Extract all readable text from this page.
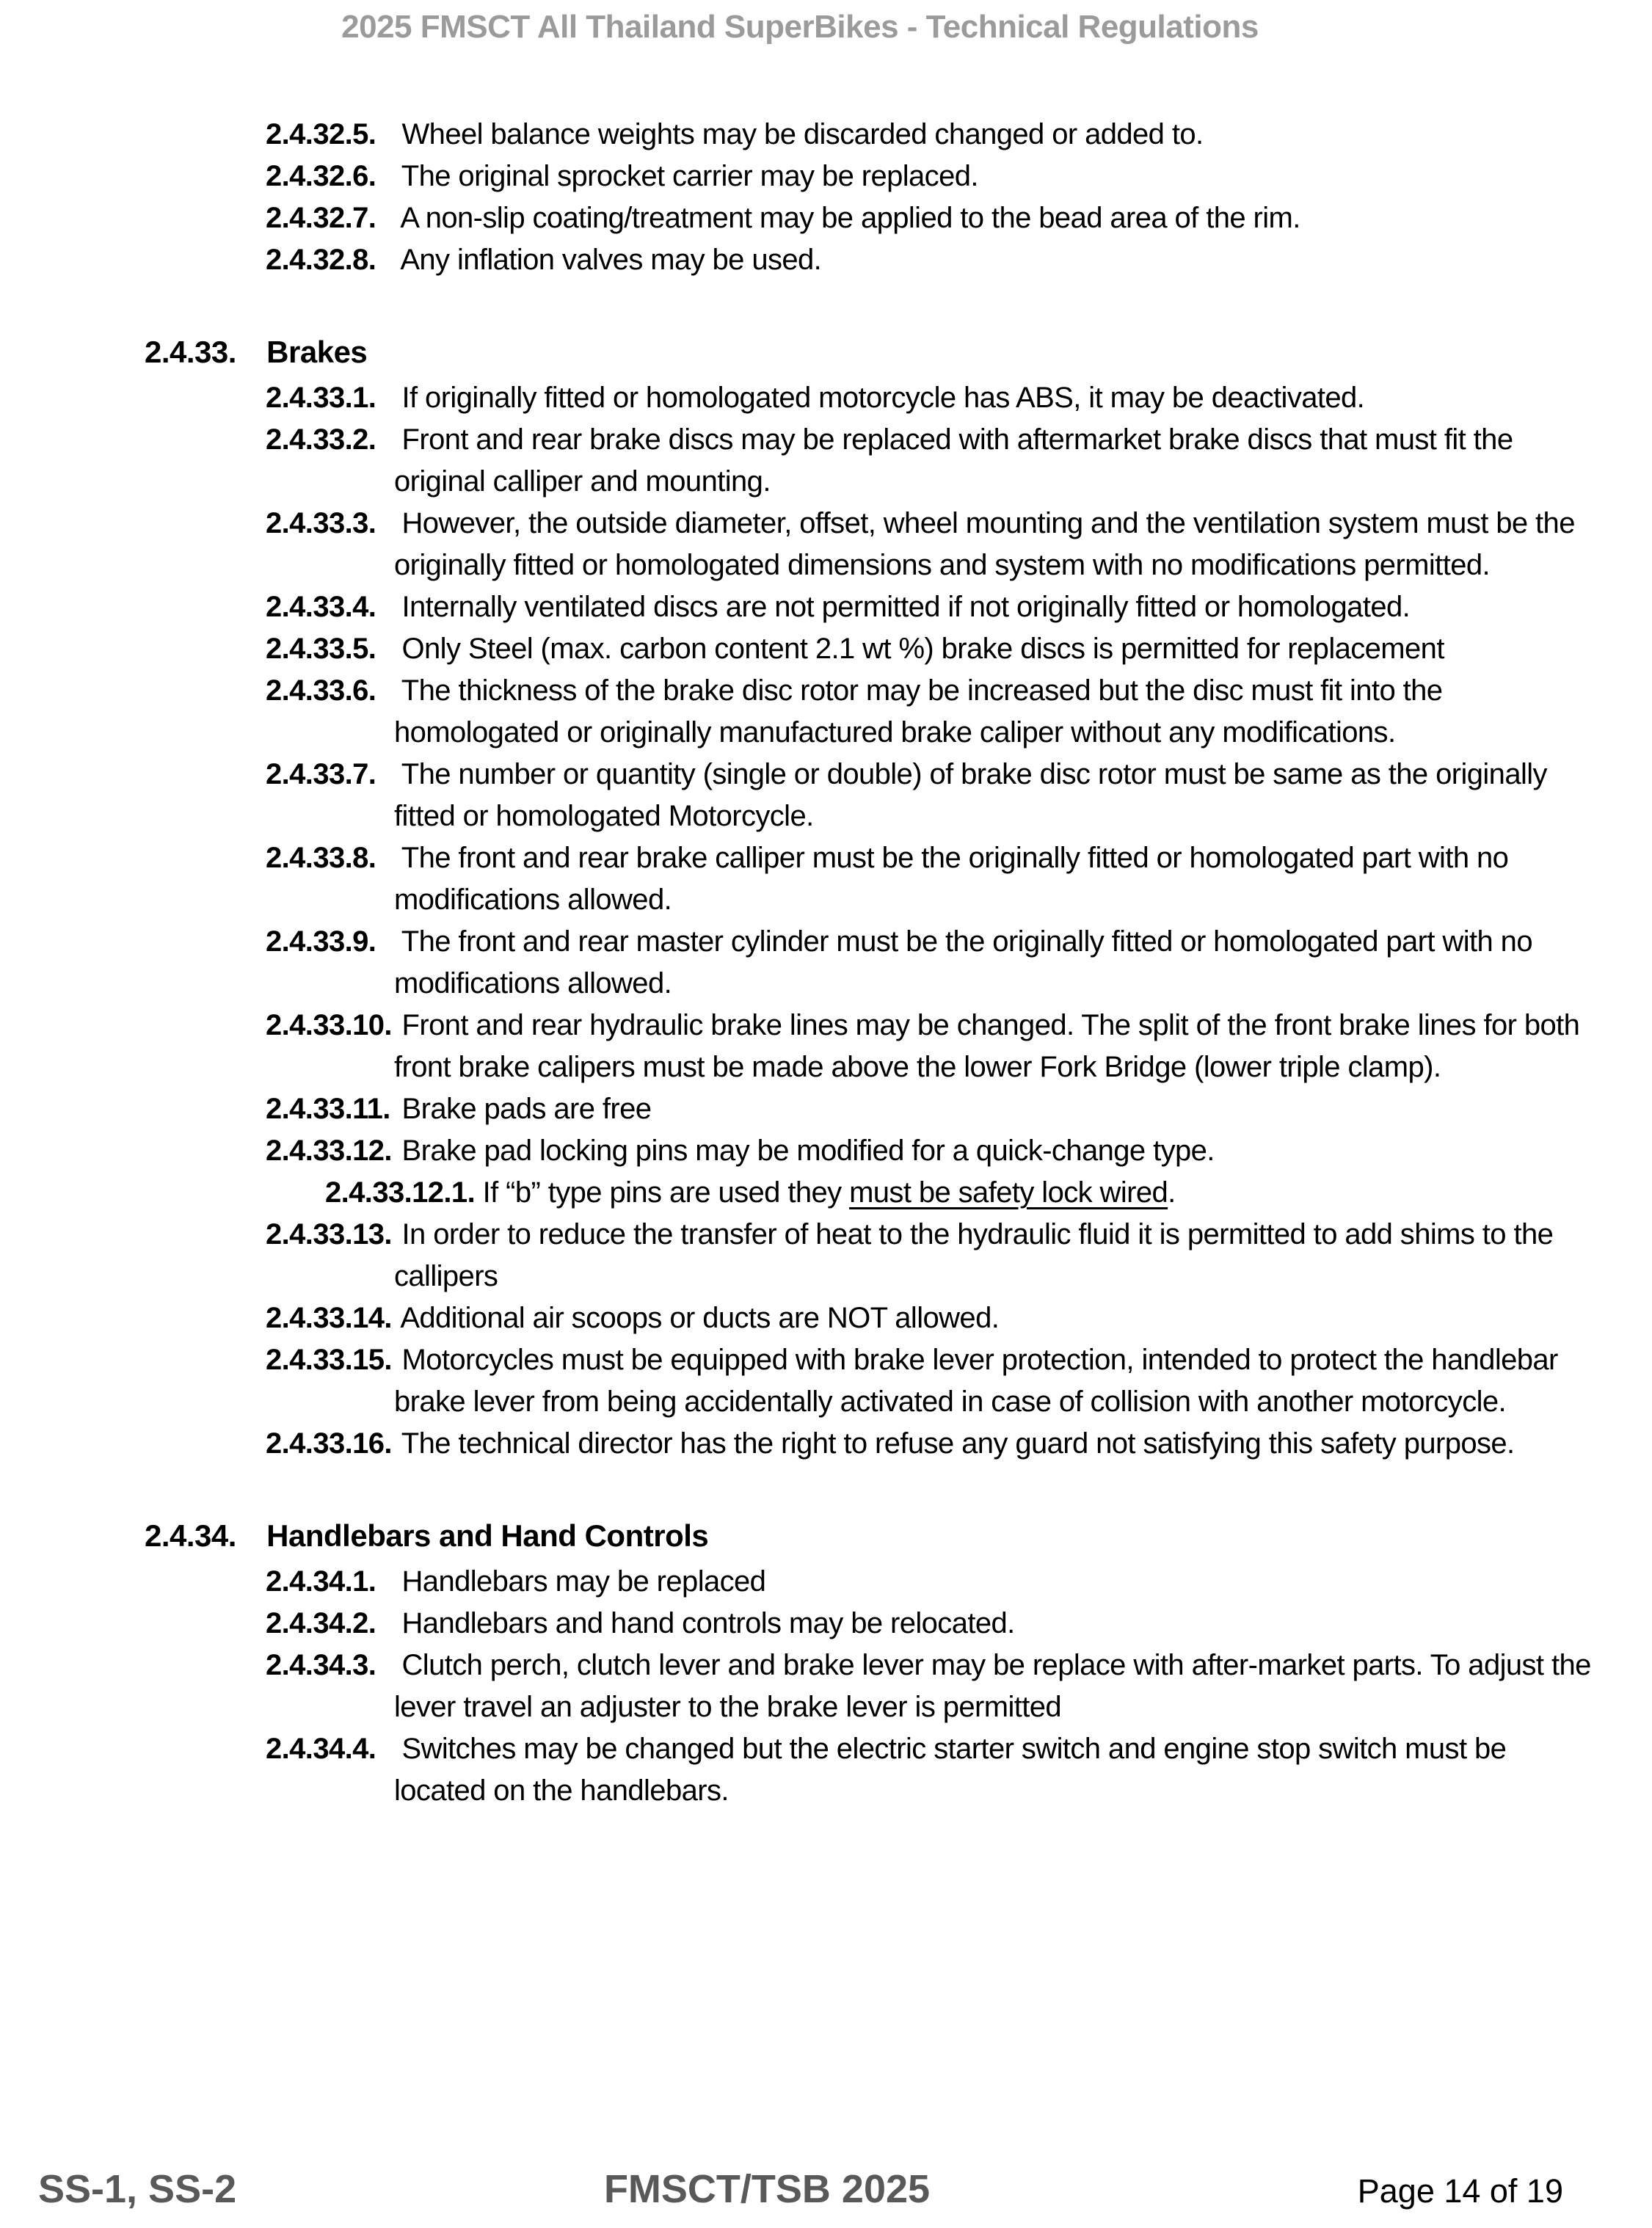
2025 FMSCT All Thailand SuperBikes - Technical Regulations
2.4.32.5. Wheel balance weights may be discarded changed or added to.
2.4.32.6. The original sprocket carrier may be replaced.
2.4.32.7. A non-slip coating/treatment may be applied to the bead area of the rim.
2.4.32.8. Any inflation valves may be used.
2.4.33. Brakes
2.4.33.1. If originally fitted or homologated motorcycle has ABS, it may be deactivated.
2.4.33.2. Front and rear brake discs may be replaced with aftermarket brake discs that must fit the original calliper and mounting.
2.4.33.3. However, the outside diameter, offset, wheel mounting and the ventilation system must be the originally fitted or homologated dimensions and system with no modifications permitted.
2.4.33.4. Internally ventilated discs are not permitted if not originally fitted or homologated.
2.4.33.5. Only Steel (max. carbon content 2.1 wt %) brake discs is permitted for replacement
2.4.33.6. The thickness of the brake disc rotor may be increased but the disc must fit into the homologated or originally manufactured brake caliper without any modifications.
2.4.33.7. The number or quantity (single or double) of brake disc rotor must be same as the originally fitted or homologated Motorcycle.
2.4.33.8. The front and rear brake calliper must be the originally fitted or homologated part with no modifications allowed.
2.4.33.9. The front and rear master cylinder must be the originally fitted or homologated part with no modifications allowed.
2.4.33.10. Front and rear hydraulic brake lines may be changed. The split of the front brake lines for both front brake calipers must be made above the lower Fork Bridge (lower triple clamp).
2.4.33.11. Brake pads are free
2.4.33.12. Brake pad locking pins may be modified for a quick-change type.
2.4.33.12.1. If “b” type pins are used they must be safety lock wired.
2.4.33.13. In order to reduce the transfer of heat to the hydraulic fluid it is permitted to add shims to the callipers
2.4.33.14. Additional air scoops or ducts are NOT allowed.
2.4.33.15. Motorcycles must be equipped with brake lever protection, intended to protect the handlebar brake lever from being accidentally activated in case of collision with another motorcycle.
2.4.33.16. The technical director has the right to refuse any guard not satisfying this safety purpose.
2.4.34. Handlebars and Hand Controls
2.4.34.1. Handlebars may be replaced
2.4.34.2. Handlebars and hand controls may be relocated.
2.4.34.3. Clutch perch, clutch lever and brake lever may be replace with after-market parts. To adjust the lever travel an adjuster to the brake lever is permitted
2.4.34.4. Switches may be changed but the electric starter switch and engine stop switch must be located on the handlebars.
SS-1, SS-2	FMSCT/TSB 2025	Page 14 of 19
